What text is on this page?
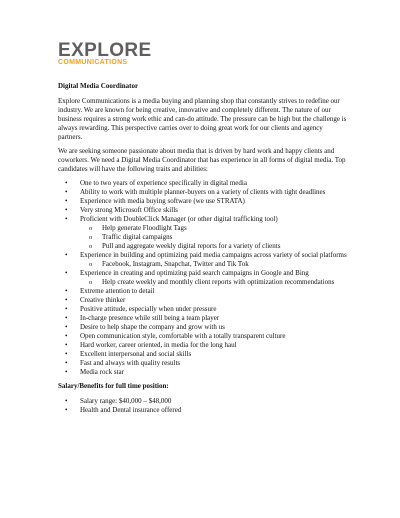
EXPLORE
COMMUNICATIONS
Digital Media Coordinator

Explore Communications is a media buying and planning shop that constantly strives to redefine our industry. We are known for being creative, innovative and completely different. The nature of our business requires a strong work ethic and can-do attitude. The pressure can be high but the challenge is always rewarding. This perspective carries over to doing great work for our clients and agency partners.

We are seeking someone passionate about media that is driven by hard work and happy clients and coworkers. We need a Digital Media Coordinator that has experience in all forms of digital media. Top candidates will have the following traits and abilities:

• One to two years of experience specifically in digital media
• Ability to work with multiple planner-buyers on a variety of clients with tight deadlines
• Experience with media buying software (we use STRATA)
• Very strong Microsoft Office skills
• Proficient with DoubleClick Manager (or other digital trafficking tool)
o Help generate Floodlight Tags
o Traffic digital campaigns
o Pull and aggregate weekly digital reports for a variety of clients
• Experience in building and optimizing paid media campaigns across variety of social platforms
o Facebook, Instagram, Snapchat, Twitter and Tik Tok
• Experience in creating and optimizing paid search campaigns in Google and Bing
o Help create weekly and monthly client reports with optimization recommendations
• Extreme attention to detail
• Creative thinker
• Positive attitude, especially when under pressure
• In-charge presence while still being a team player
• Desire to help shape the company and grow with us
• Open communication style, comfortable with a totally transparent culture
• Hard worker, career oriented, in media for the long haul
• Excellent interpersonal and social skills
• Fast and always with quality results
• Media rock star
Salary/Benefits for full time position:
• Salary range: $40,000 – $48,000
• Health and Dental insurance offered
